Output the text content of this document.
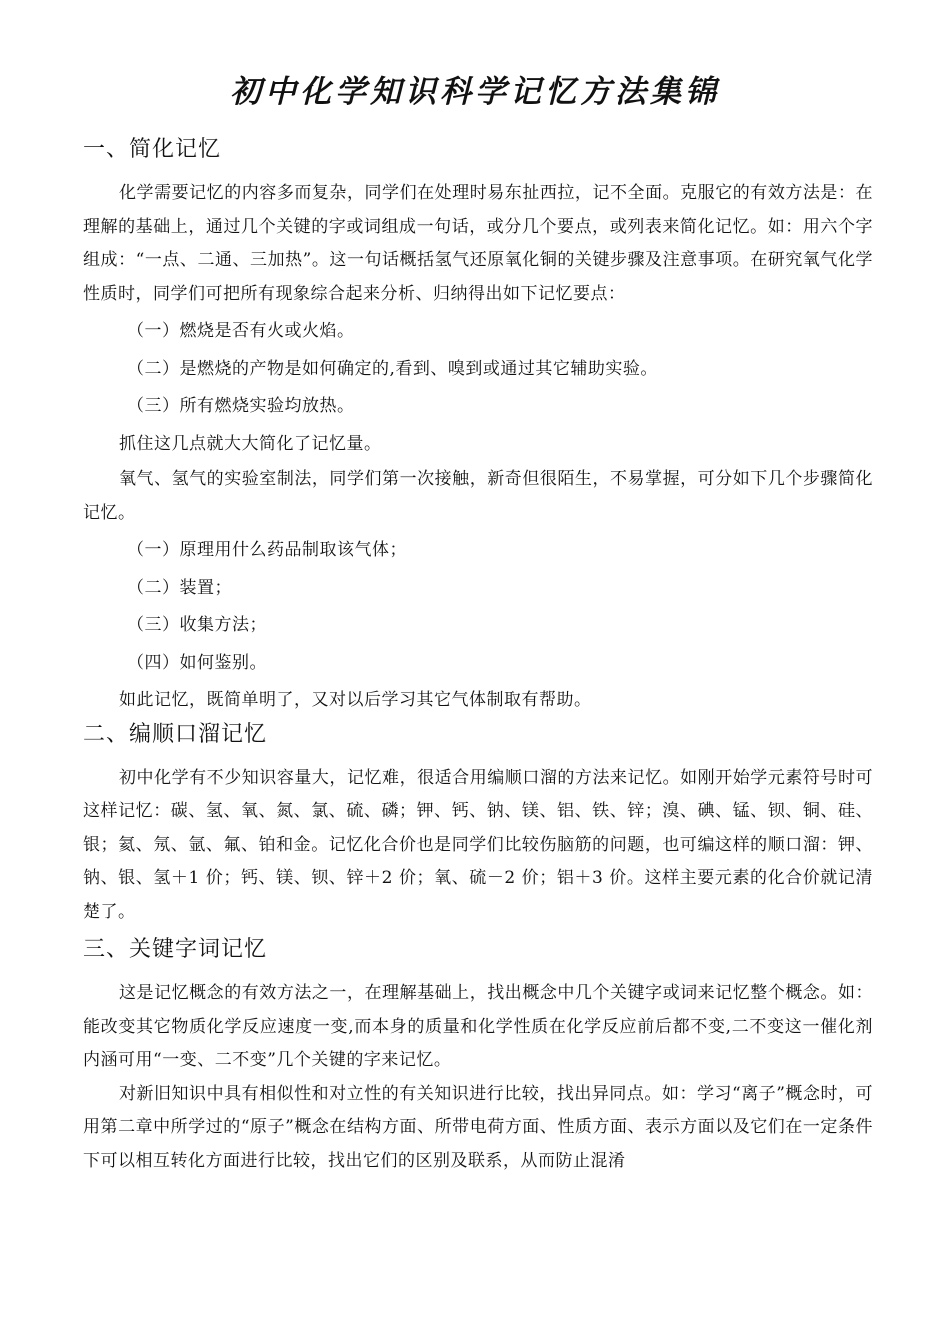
初中化学知识科学记忆方法集锦
一、简化记忆

化学需要记忆的内容多而复杂，同学们在处理时易东扯西拉，记不全面。克服它的有效方法是：在理解的基础上，通过几个关键的字或词组成一句话，或分几个要点，或列表来简化记忆。如：用六个字组成：“一点、二通、三加热”。这一句话概括氢气还原氧化铜的关键步骤及注意事项。在研究氧气化学性质时，同学们可把所有现象综合起来分析、归纳得出如下记忆要点：

（一）燃烧是否有火或火焰。

（二）是燃烧的产物是如何确定的,看到、嗅到或通过其它辅助实验。

（三）所有燃烧实验均放热。

抓住这几点就大大简化了记忆量。

氧气、氢气的实验室制法，同学们第一次接触，新奇但很陌生，不易掌握，可分如下几个步骤简化记忆。

（一）原理用什么药品制取该气体；

（二）装置；

（三）收集方法；

（四）如何鉴别。

如此记忆，既简单明了，又对以后学习其它气体制取有帮助。

二、编顺口溜记忆

初中化学有不少知识容量大，记忆难，很适合用编顺口溜的方法来记忆。如刚开始学元素符号时可这样记忆：碳、氢、氧、氮、氯、硫、磷；钾、钙、钠、镁、铝、铁、锌；溴、碘、锰、钡、铜、硅、银；氦、氖、氩、氟、铂和金。记忆化合价也是同学们比较伤脑筋的问题，也可编这样的顺口溜：钾、钠、银、氢＋1 价；钙、镁、钡、锌＋2 价；氧、硫－2 价；铝＋3 价。这样主要元素的化合价就记清楚了。

三、关键字词记忆

这是记忆概念的有效方法之一，在理解基础上，找出概念中几个关键字或词来记忆整个概念。如：能改变其它物质化学反应速度一变,而本身的质量和化学性质在化学反应前后都不变,二不变这一催化剂内涵可用“一变、二不变”几个关键的字来记忆。

对新旧知识中具有相似性和对立性的有关知识进行比较，找出异同点。如：学习“离子”概念时，可用第二章中所学过的“原子”概念在结构方面、所带电荷方面、性质方面、表示方面以及它们在一定条件下可以相互转化方面进行比较，找出它们的区别及联系，从而防止混淆
